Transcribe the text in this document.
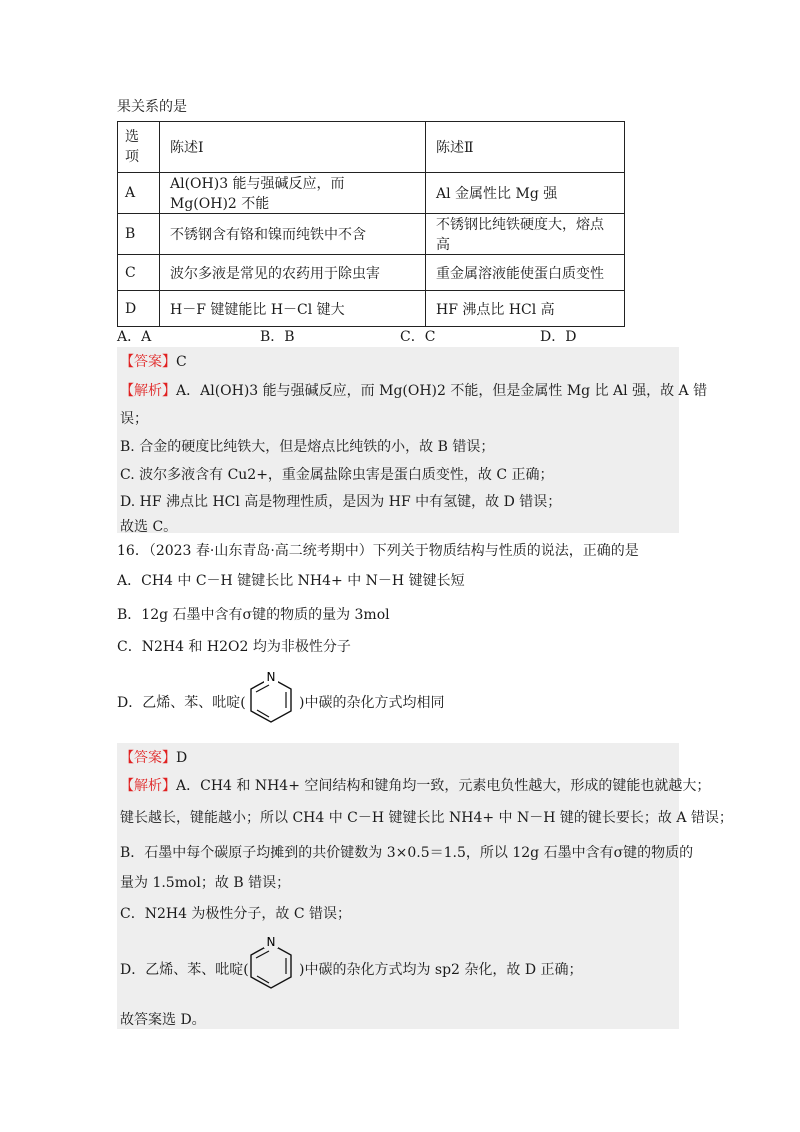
果关系的是
选
项	陈述Ⅰ	陈述Ⅱ
A	Al(OH)3 能与强碱反应，而 Mg(OH)2 不能	Al 金属性比 Mg 强
B	不锈钢含有铬和镍而纯铁中不含	不锈钢比纯铁硬度大，熔点高
C	波尔多液是常见的农药用于除虫害	重金属溶液能使蛋白质变性
D	H－F 键键能比 H－Cl 键大	HF 沸点比 HCl 高
A．A	B．B	C．C	D．D
【答案】C
【解析】A．Al(OH)3 能与强碱反应，而 Mg(OH)2 不能，但是金属性 Mg 比 Al 强，故 A 错
误；
B. 合金的硬度比纯铁大，但是熔点比纯铁的小，故 B 错误；
C. 波尔多液含有 Cu2+，重金属盐除虫害是蛋白质变性，故 C 正确；
D. HF 沸点比 HCl 高是物理性质，是因为 HF 中有氢键，故 D 错误；
故选 C。
16．（2023 春·山东青岛·高二统考期中）下列关于物质结构与性质的说法，正确的是
A．CH4 中 C－H 键键长比 NH4+ 中 N－H 键键长短
B．12g 石墨中含有σ键的物质的量为 3mol
C．N2H4 和 H2O2 均为非极性分子
D．乙烯、苯、吡啶(
N
)中碳的杂化方式均相同
【答案】D
【解析】A．CH4 和 NH4+ 空间结构和键角均一致，元素电负性越大，形成的键能也就越大；
键长越长，键能越小；所以 CH4 中 C－H 键键长比 NH4+ 中 N－H 键的键长要长；故 A 错误；
B．石墨中每个碳原子均摊到的共价键数为 3×0.5＝1.5，所以 12g 石墨中含有σ键的物质的
量为 1.5mol；故 B 错误；
C．N2H4 为极性分子，故 C 错误；
D．乙烯、苯、吡啶(
N
)中碳的杂化方式均为 sp2 杂化，故 D 正确；
故答案选 D。
